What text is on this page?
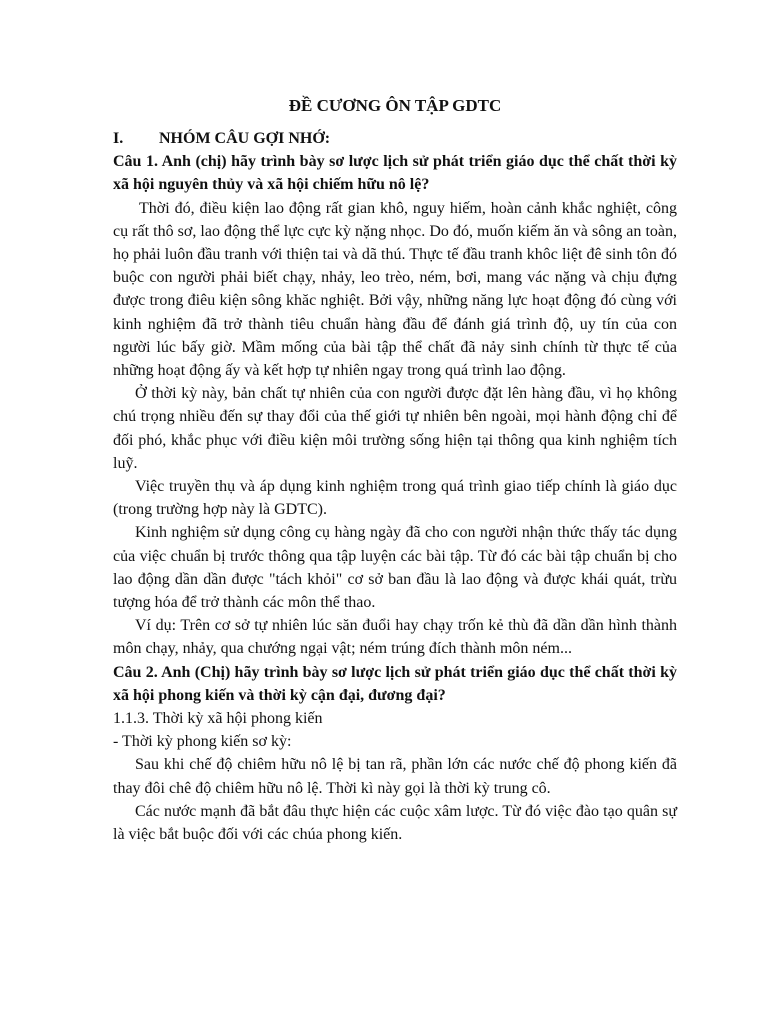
ĐỀ CƯƠNG ÔN TẬP GDTC

I.	NHÓM CÂU GỢI NHỚ:

Câu 1. Anh (chị) hãy trình bày sơ lược lịch sử phát triển giáo dục thể chất thời kỳ xã hội nguyên thủy và xã hội chiếm hữu nô lệ?

Thời đó, điều kiện lao động rất gian khô, nguy hiếm, hoàn cảnh khắc nghiệt, công cụ rất thô sơ, lao động thể lực cực kỳ nặng nhọc. Do đó, muốn kiếm ăn và sông an toàn, họ phải luôn đầu tranh với thiện tai và dã thú. Thực tế đầu tranh khôc liệt đê sinh tôn đó buộc con người phải biết chạy, nhảy, leo trèo, ném, bơi, mang vác nặng và chịu đựng được trong điêu kiện sông khăc nghiệt. Bởi vậy, những năng lực hoạt động đó cùng với kinh nghiệm đã trở thành tiêu chuẩn hàng đầu để đánh giá trình độ, uy tín của con người lúc bấy giờ. Mầm mống của bài tập thể chất đã nảy sinh chính từ thực tế của những hoạt động ấy và kết hợp tự nhiên ngay trong quá trình lao động.

Ở thời kỳ này, bản chất tự nhiên của con người được đặt lên hàng đầu, vì họ không chú trọng nhiều đến sự thay đổi của thế giới tự nhiên bên ngoài, mọi hành động chỉ để đối phó, khắc phục với điều kiện môi trường sống hiện tại thông qua kinh nghiệm tích luỹ.

Việc truyền thụ và áp dụng kinh nghiệm trong quá trình giao tiếp chính là giáo dục (trong trường hợp này là GDTC).

Kinh nghiệm sử dụng công cụ hàng ngày đã cho con người nhận thức thấy tác dụng của việc chuẩn bị trước thông qua tập luyện các bài tập. Từ đó các bài tập chuẩn bị cho lao động dần dần được "tách khỏi" cơ sở ban đầu là lao động và được khái quát, trừu tượng hóa để trở thành các môn thể thao.

Ví dụ: Trên cơ sở tự nhiên lúc săn đuổi hay chạy trốn kẻ thù đã dần dần hình thành môn chạy, nhảy, qua chướng ngại vật; ném trúng đích thành môn ném...

Câu 2. Anh (Chị) hãy trình bày sơ lược lịch sử phát triển giáo dục thể chất thời kỳ xã hội phong kiến và thời kỳ cận đại, đương đại?

1.1.3. Thời kỳ xã hội phong kiến

- Thời kỳ phong kiến sơ kỳ:

Sau khi chế độ chiêm hữu nô lệ bị tan rã, phần lớn các nước chế độ phong kiến đã thay đôi chê độ chiêm hữu nô lệ. Thời kì này gọi là thời kỳ trung cô.

Các nước mạnh đã bắt đâu thực hiện các cuộc xâm lược. Từ đó việc đào tạo quân sự là việc bắt buộc đối với các chúa phong kiến.
